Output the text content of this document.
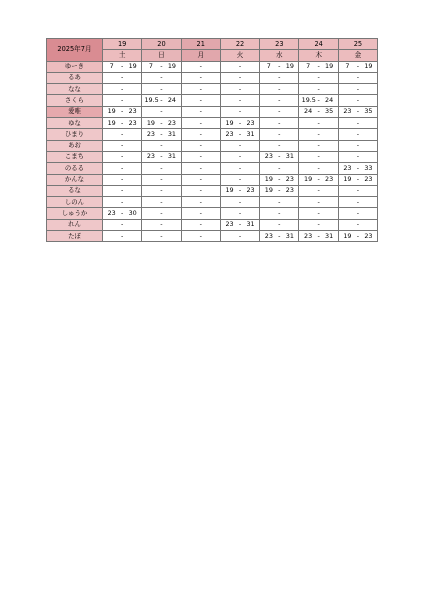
2025年7月	19	20	21	22	23	24	25
	土	日	月	火	水	木	金
ゆーき	7 - 19	7 - 19	-	-	7 - 19	7 - 19	7 - 19
るあ	-	-	-	-	-	-	-
なな	-	-	-	-	-	-	-
さくら	-	19.5 - 24	-	-	-	19.5 - 24	-
愛唯	19 - 23	-	-	-	-	24 - 35	23 - 35
ゆな	19 - 23	19 - 23	-	19 - 23	-	-	-
ひまり	-	23 - 31	-	23 - 31	-	-	-
あお	-	-	-	-	-	-	-
こまち	-	23 - 31	-	-	23 - 31	-	-
のるる	-	-	-	-	-	-	23 - 33
かんな	-	-	-	-	19 - 23	19 - 23	19 - 23
るな	-	-	-	19 - 23	19 - 23	-	-
しのん	-	-	-	-	-	-	-
しゅうか	23 - 30	-	-	-	-	-	-
れん	-	-	-	23 - 31	-	-	-
たぼ	-	-	-	-	23 - 31	23 - 31	19 - 23
